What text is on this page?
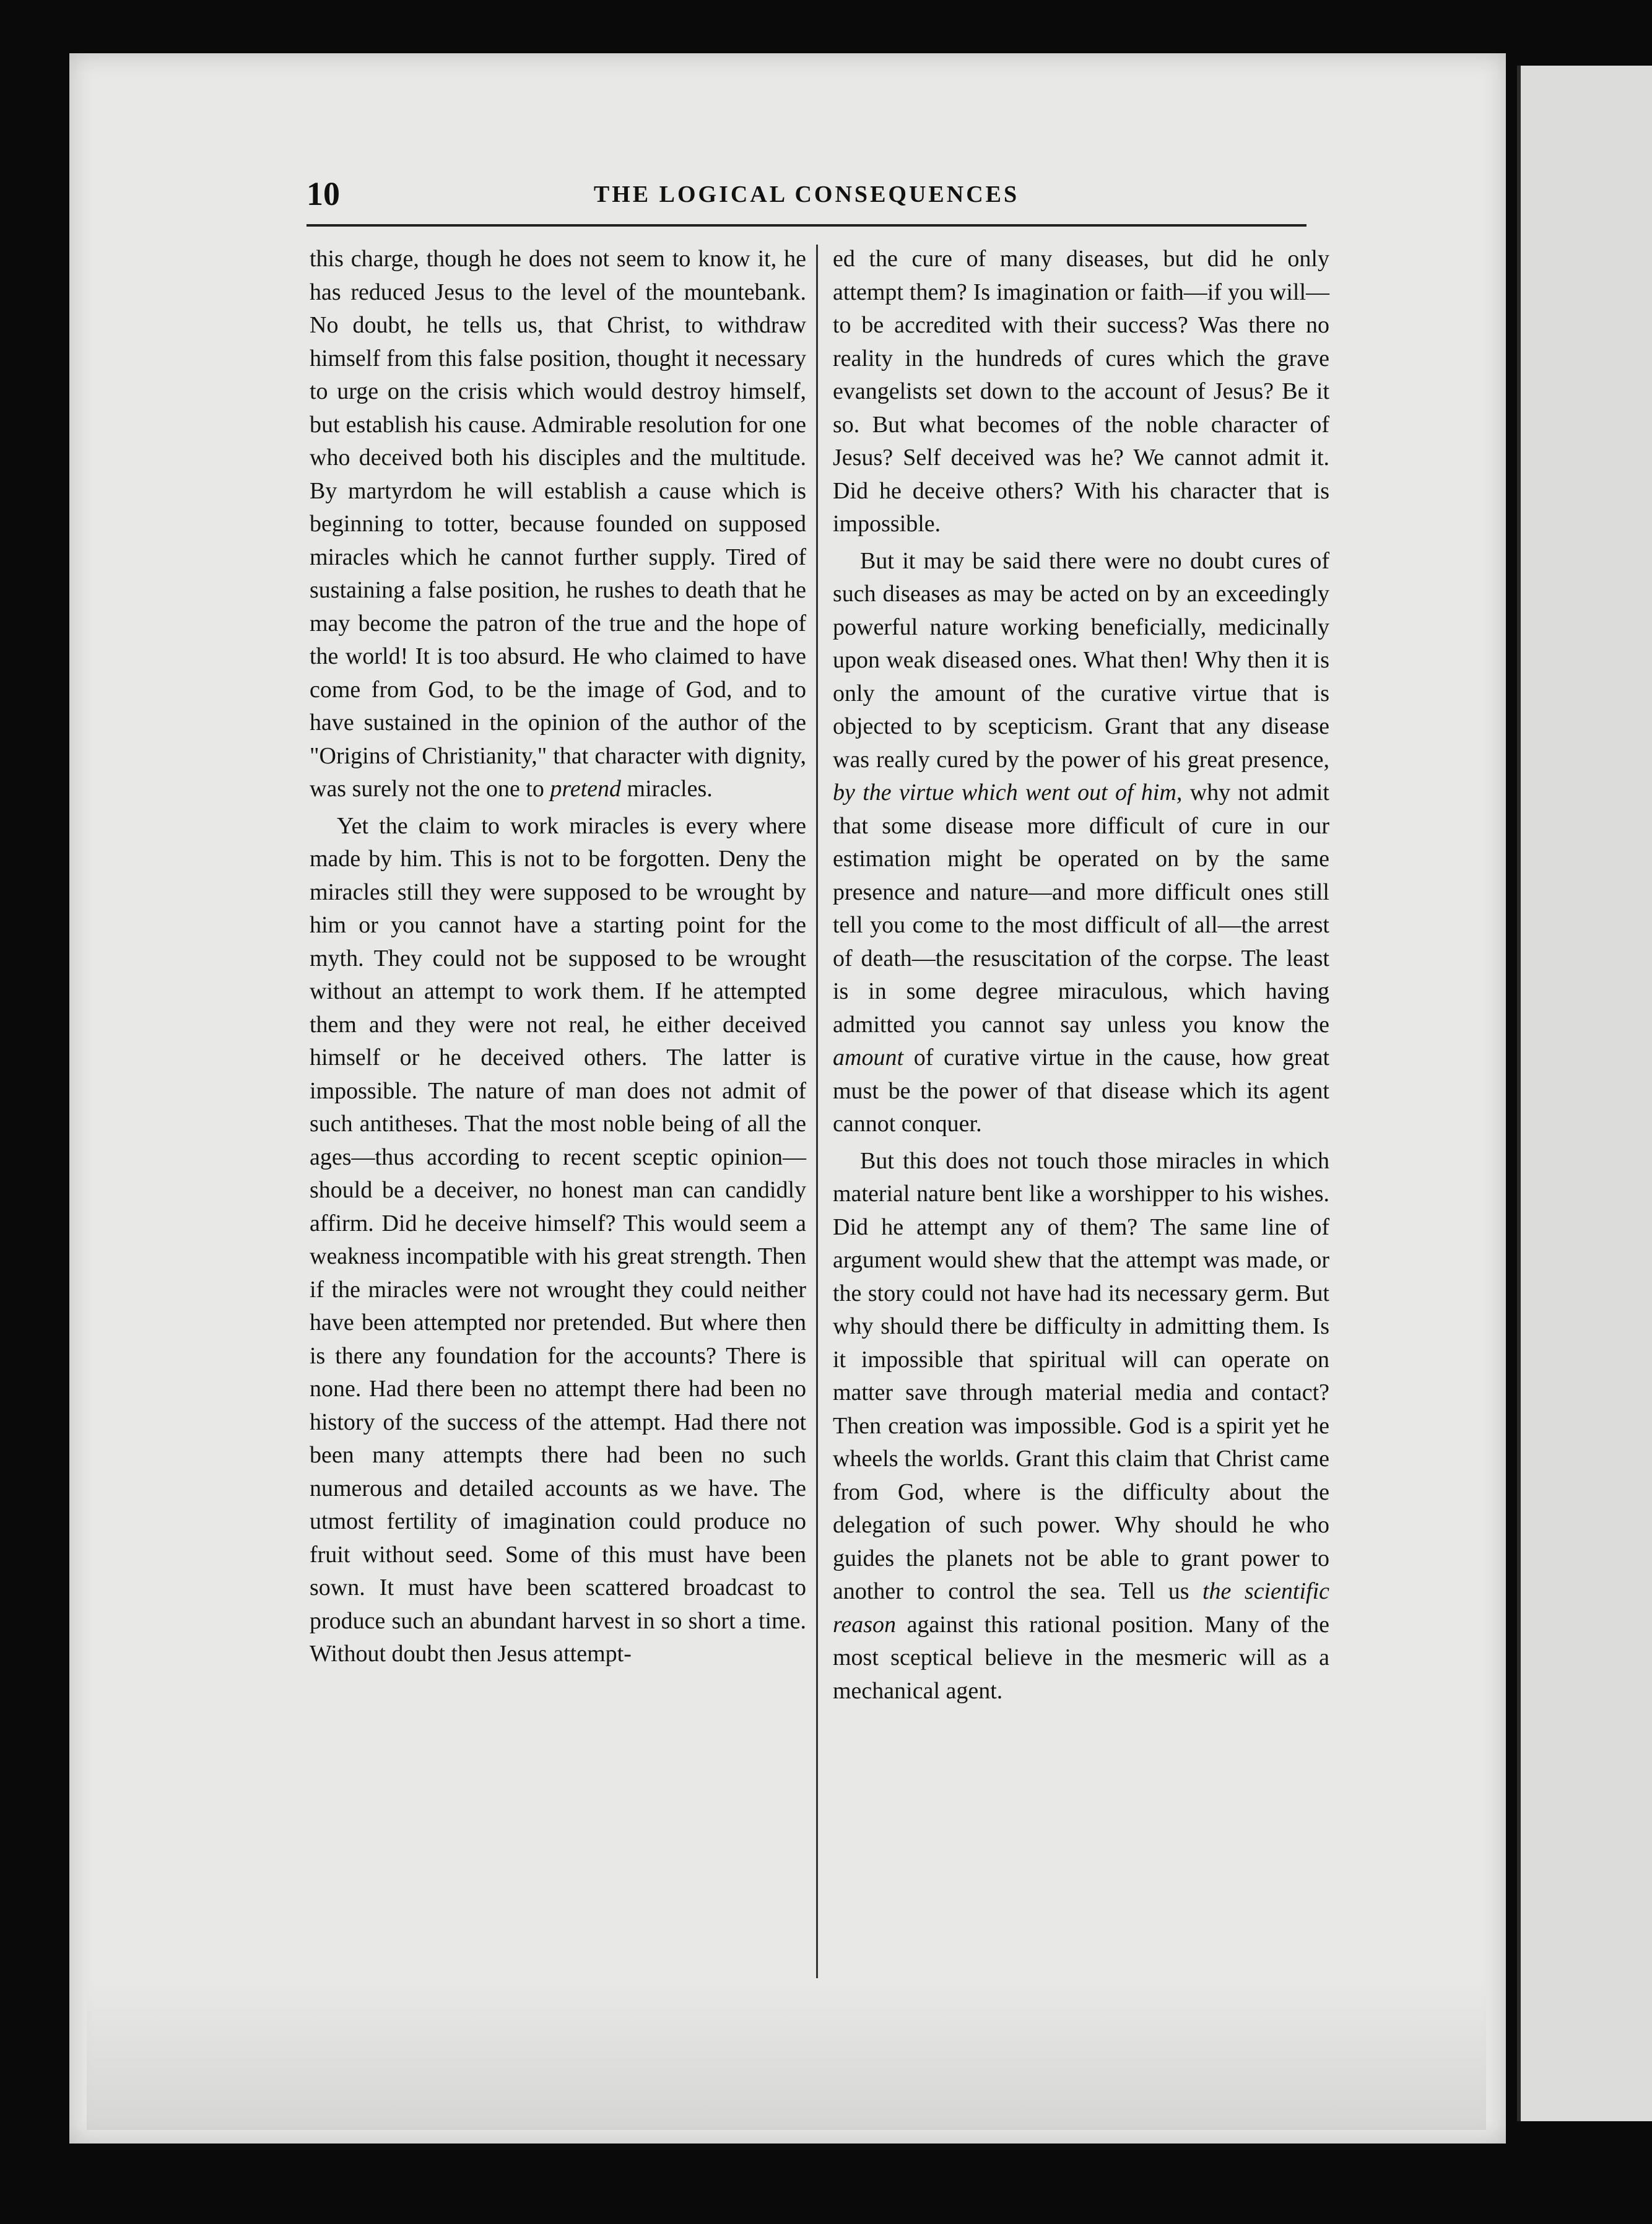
10	THE LOGICAL CONSEQUENCES

this charge, though he does not seem to know it, he has reduced Jesus to the level of the mountebank. No doubt, he tells us, that Christ, to withdraw himself from this false position, thought it necessary to urge on the crisis which would destroy himself, but establish his cause. Admirable resolution for one who deceived both his disciples and the multitude. By martyrdom he will establish a cause which is beginning to totter, because founded on supposed miracles which he cannot further supply. Tired of sustaining a false position, he rushes to death that he may become the patron of the true and the hope of the world! It is too absurd. He who claimed to have come from God, to be the image of God, and to have sustained in the opinion of the author of the "Origins of Christianity," that character with dignity, was surely not the one to pretend miracles.

Yet the claim to work miracles is every where made by him. This is not to be forgotten. Deny the miracles still they were supposed to be wrought by him or you cannot have a starting point for the myth. They could not be supposed to be wrought without an attempt to work them. If he attempted them and they were not real, he either deceived himself or he deceived others. The latter is impossible. The nature of man does not admit of such antitheses. That the most noble being of all the ages—thus according to recent sceptic opinion—should be a deceiver, no honest man can candidly affirm. Did he deceive himself? This would seem a weakness incompatible with his great strength. Then if the miracles were not wrought they could neither have been attempted nor pretended. But where then is there any foundation for the accounts? There is none. Had there been no attempt there had been no history of the success of the attempt. Had there not been many attempts there had been no such numerous and detailed accounts as we have. The utmost fertility of imagination could produce no fruit without seed. Some of this must have been sown. It must have been scattered broadcast to produce such an abundant harvest in so short a time. Without doubt then Jesus attempt-

ed the cure of many diseases, but did he only attempt them? Is imagination or faith—if you will—to be accredited with their success? Was there no reality in the hundreds of cures which the grave evangelists set down to the account of Jesus? Be it so. But what becomes of the noble character of Jesus? Self deceived was he? We cannot admit it. Did he deceive others? With his character that is impossible.

But it may be said there were no doubt cures of such diseases as may be acted on by an exceedingly powerful nature working beneficially, medicinally upon weak diseased ones. What then! Why then it is only the amount of the curative virtue that is objected to by scepticism. Grant that any disease was really cured by the power of his great presence, by the virtue which went out of him, why not admit that some disease more difficult of cure in our estimation might be operated on by the same presence and nature—and more difficult ones still tell you come to the most difficult of all—the arrest of death—the resuscitation of the corpse. The least is in some degree miraculous, which having admitted you cannot say unless you know the amount of curative virtue in the cause, how great must be the power of that disease which its agent cannot conquer.

But this does not touch those miracles in which material nature bent like a worshipper to his wishes. Did he attempt any of them? The same line of argument would shew that the attempt was made, or the story could not have had its necessary germ. But why should there be difficulty in admitting them. Is it impossible that spiritual will can operate on matter save through material media and contact? Then creation was impossible. God is a spirit yet he wheels the worlds. Grant this claim that Christ came from God, where is the difficulty about the delegation of such power. Why should he who guides the planets not be able to grant power to another to control the sea. Tell us the scientific reason against this rational position. Many of the most sceptical believe in the mesmeric will as a mechanical agent.
